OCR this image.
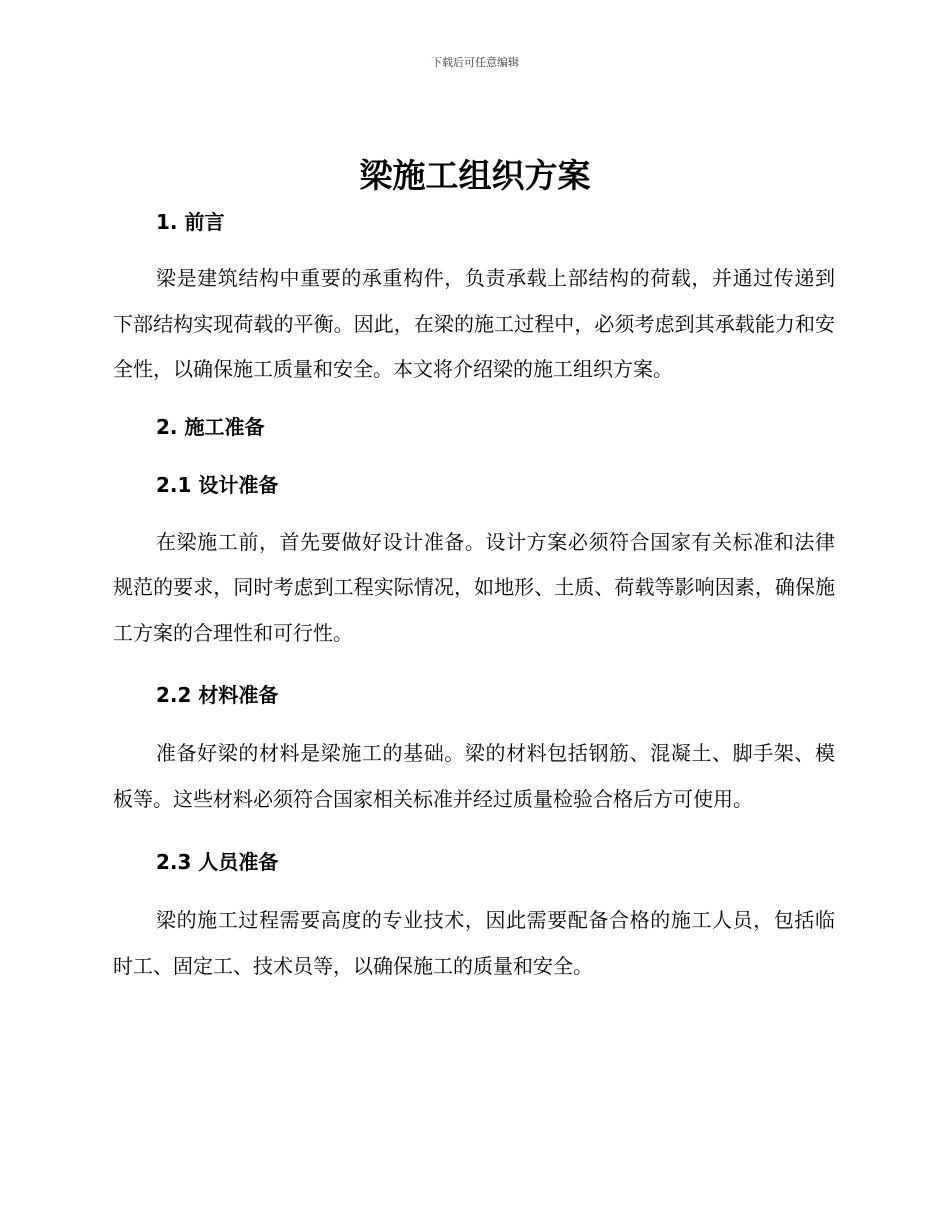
下载后可任意编辑
梁施工组织方案
1. 前言

梁是建筑结构中重要的承重构件，负责承载上部结构的荷载，并通过传递到下部结构实现荷载的平衡。因此，在梁的施工过程中，必须考虑到其承载能力和安全性，以确保施工质量和安全。本文将介绍梁的施工组织方案。

2. 施工准备
2.1 设计准备

在梁施工前，首先要做好设计准备。设计方案必须符合国家有关标准和法律规范的要求，同时考虑到工程实际情况，如地形、土质、荷载等影响因素，确保施工方案的合理性和可行性。

2.2 材料准备

准备好梁的材料是梁施工的基础。梁的材料包括钢筋、混凝土、脚手架、模板等。这些材料必须符合国家相关标准并经过质量检验合格后方可使用。

2.3 人员准备

梁的施工过程需要高度的专业技术，因此需要配备合格的施工人员，包括临时工、固定工、技术员等，以确保施工的质量和安全。
